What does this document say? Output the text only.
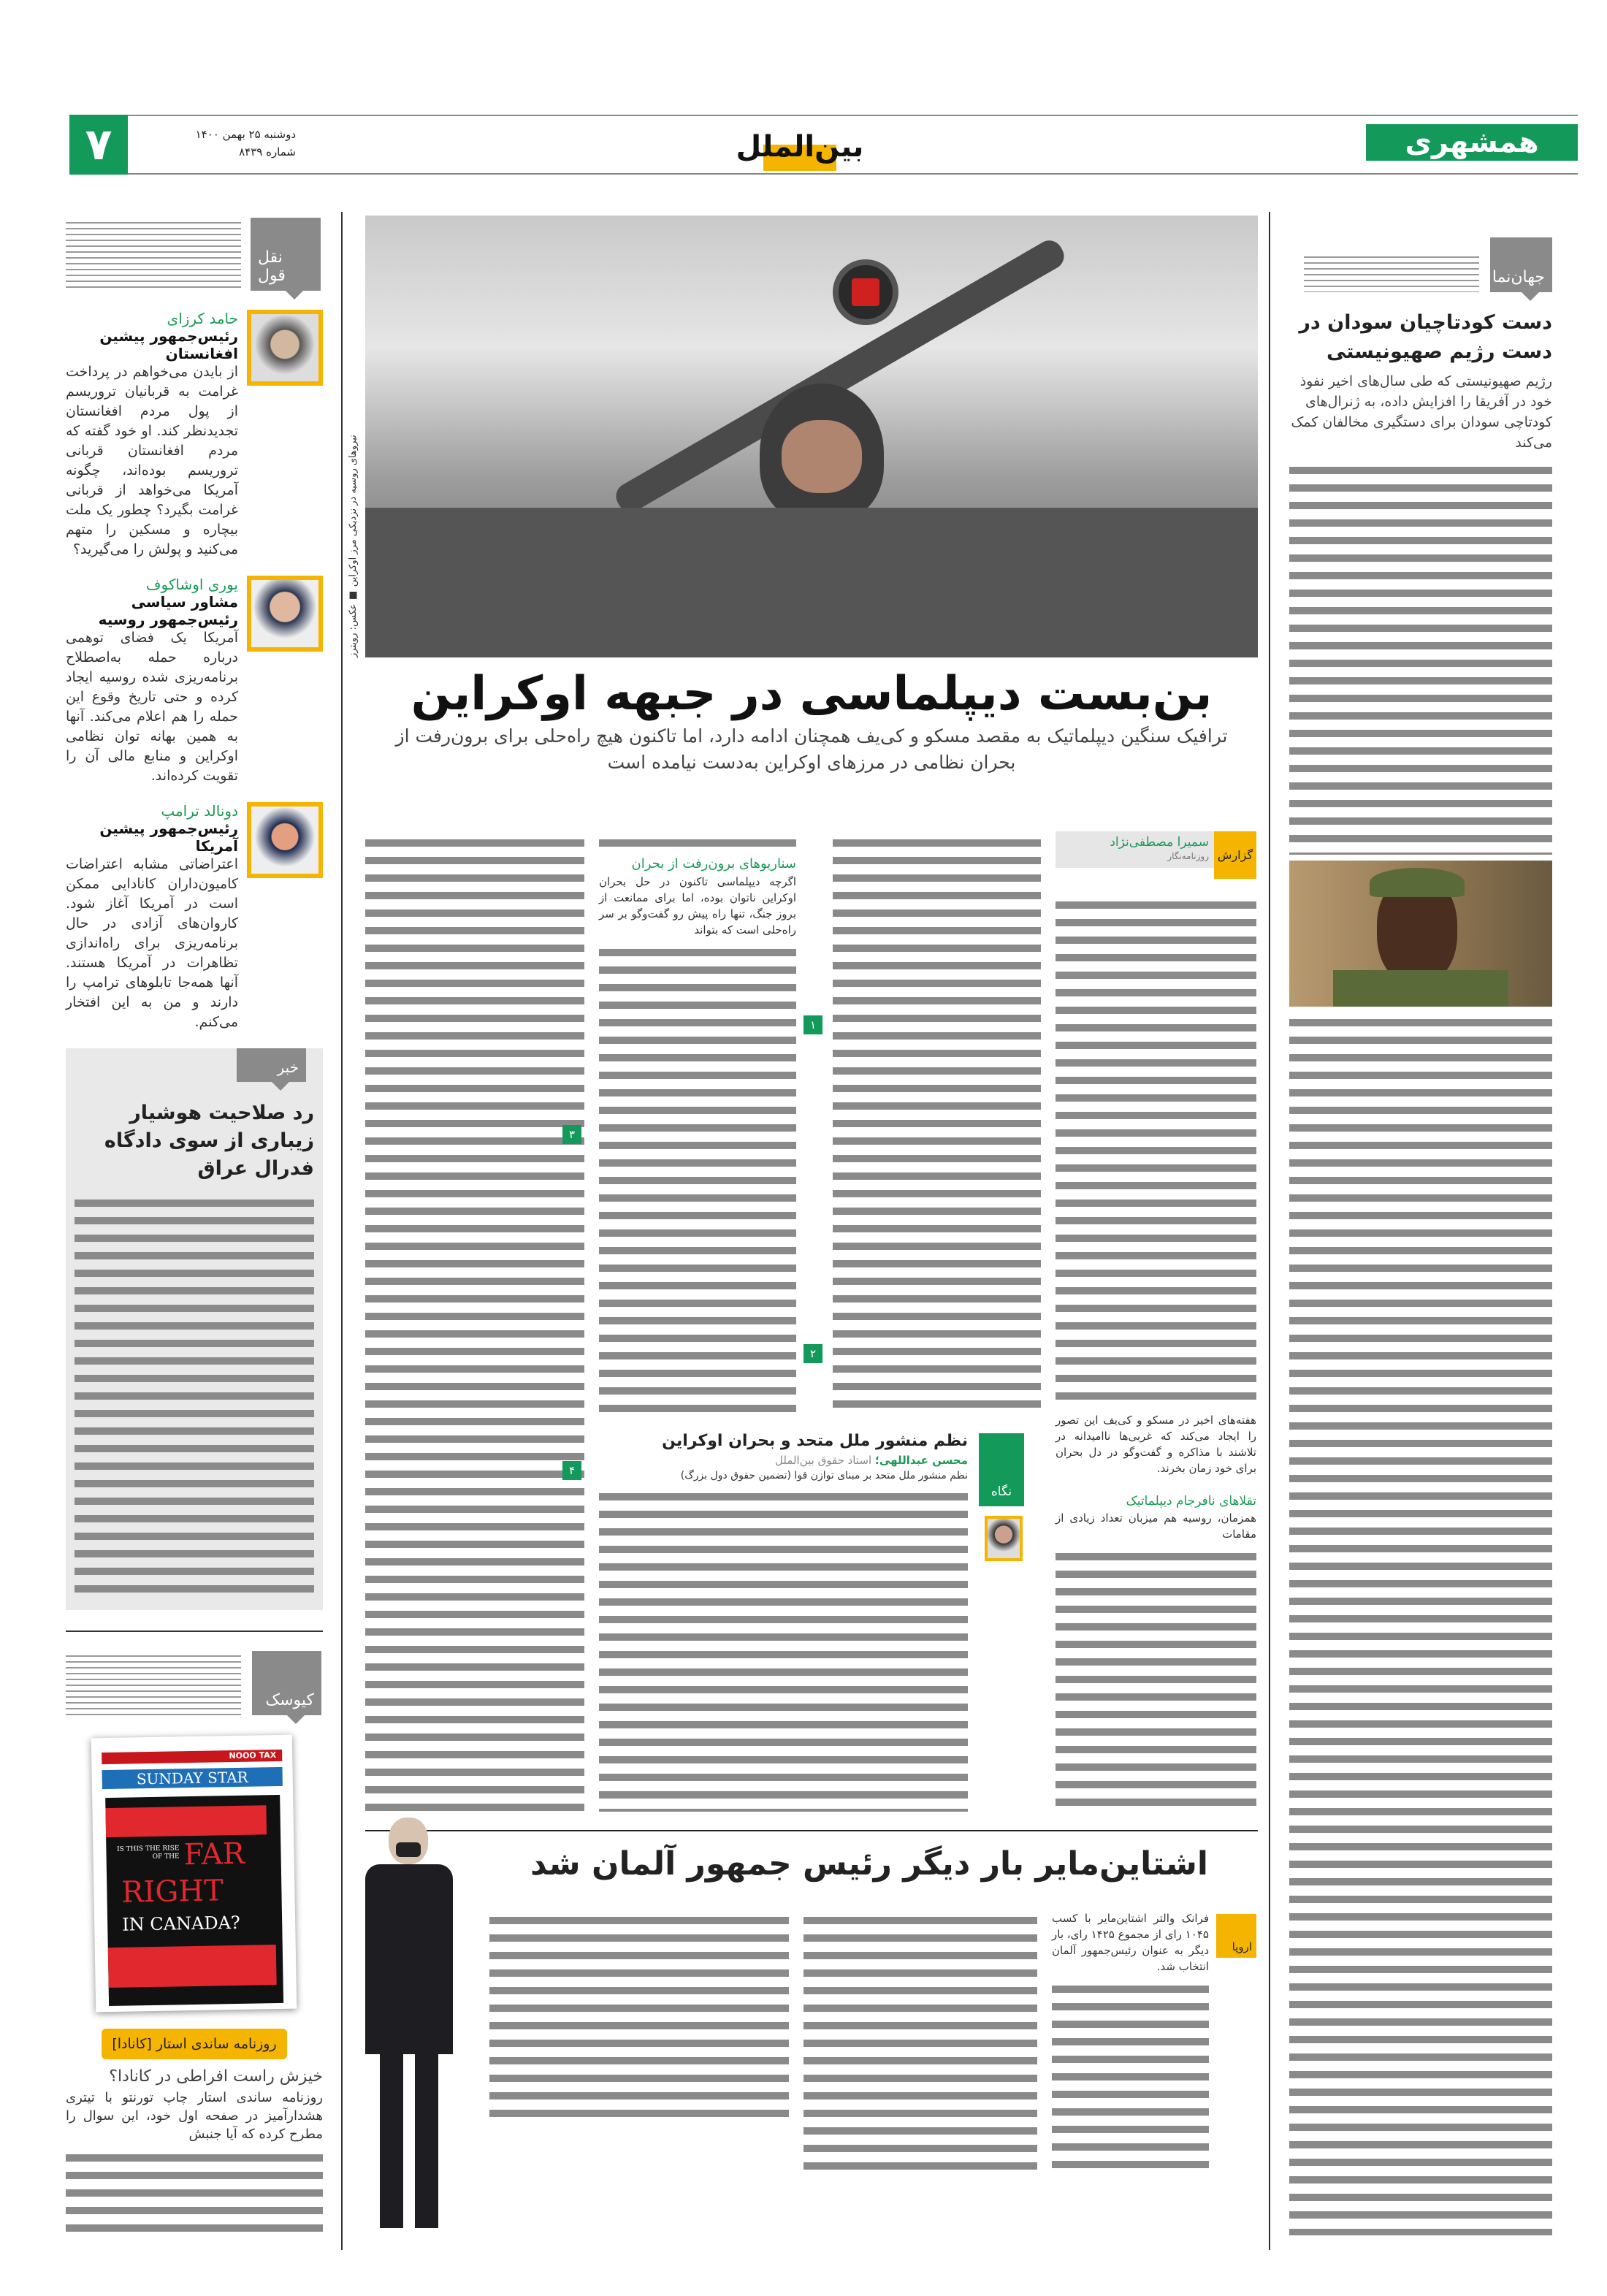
۷	دوشنبه ۲۵ بهمن ۱۴۰۰
شماره ۸۴۳۹	بین‌الملل	همشهری
نقل قول
حامد کرزای
رئیس‌جمهور پیشین افغانستان
از بایدن می‌خواهم در پرداخت غرامت به قربانیان تروریسم از پول مردم افغانستان تجدیدنظر کند. او خود گفته که مردم افغانستان قربانی تروریسم بوده‌اند، چگونه آمریکا می‌خواهد از قربانی غرامت بگیرد؟ چطور یک ملت بیچاره و مسکین را متهم می‌کنید و پولش را می‌گیرید؟
یوری اوشاکوف
مشاور سیاسی رئیس‌جمهور روسیه
آمریکا یک فضای توهمی درباره حمله به‌اصطلاح برنامه‌ریزی شده روسیه ایجاد کرده و حتی تاریخ وقوع این حمله را هم اعلام می‌کند. آنها به همین بهانه توان نظامی اوکراین و منابع مالی آن را تقویت کرده‌اند.
دونالد ترامپ
رئیس‌جمهور پیشین آمریکا
اعتراضاتی مشابه اعتراضات کامیون‌داران کانادایی ممکن است در آمریکا آغاز شود. کاروان‌های آزادی در حال برنامه‌ریزی برای راه‌اندازی تظاهرات در آمریکا هستند. آنها همه‌جا تابلوهای ترامپ را دارند و من به این افتخار می‌کنم.
خبر
رد صلاحیت هوشیار زیباری از سوی دادگاه فدرال عراق
کیوسک
NOOO TAX
SUNDAY STAR
IS THIS THE RISE OF THE FAR
RIGHT
IN CANADA?
روزنامه ساندی استار [کانادا]
خیزش راست افراطی در کانادا؟
روزنامه ساندی استار چاپ تورنتو با تیتری هشدارآمیز در صفحه اول خود، این سوال را مطرح کرده که آیا جنبش
نیروهای روسیه در نزدیکی مرز اوکراین ■ عکس: رویترز
بن‌بست دیپلماسی در جبهه اوکراین
ترافیک سنگین دیپلماتیک به مقصد مسکو و کی‌یف همچنان ادامه دارد، اما تاکنون هیچ راه‌حلی برای برون‌رفت از بحران نظامی در مرزهای اوکراین به‌دست نیامده است
گزارش
سمیرا مصطفی‌نژاد
روزنامه‌نگار
هفته‌های اخیر در مسکو و کی‌یف این تصور را ایجاد می‌کند که غربی‌ها ناامیدانه در تلاشند با مذاکره و گفت‌وگو در دل بحران برای خود زمان بخرند.
تقلاهای نافرجام دیپلماتیک
همزمان، روسیه هم میزبان تعداد زیادی از مقامات
۱
۲
سناریوهای برون‌رفت از بحران
اگرچه دیپلماسی تاکنون در حل بحران اوکراین ناتوان بوده، اما برای ممانعت از بروز جنگ، تنها راه پیش رو گفت‌وگو بر سر راه‌حلی است که بتواند
۳
۴
نگاه
نظم منشور ملل متحد و بحران اوکراین
محسن عبداللهی؛ استاد حقوق بین‌الملل
نظم منشور ملل متحد بر مبنای توازن قوا (تضمین حقوق دول بزرگ)
جهان‌نما
دست کودتاچیان سودان در دست رژیم صهیونیستی
رژیم صهیونیستی که طی سال‌های اخیر نفوذ خود در آفریقا را افزایش داده، به ژنرال‌های کودتاچی سودان برای دستگیری مخالفان کمک می‌کند
اشتاین‌مایر بار دیگر رئیس جمهور آلمان شد
اروپا
فرانک والتر اشتاین‌مایر با کسب ۱۰۴۵ رای از مجموع ۱۴۲۵ رای، بار دیگر به عنوان رئیس‌جمهور آلمان انتخاب شد.
